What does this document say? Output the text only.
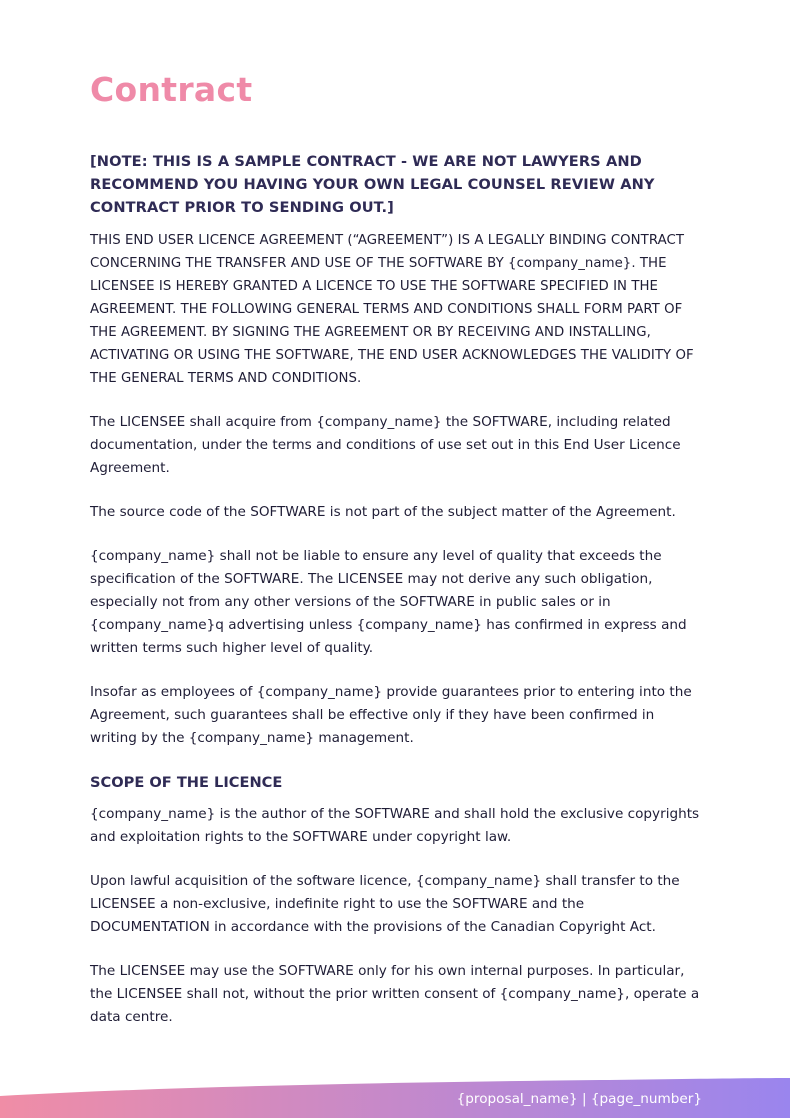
Contract

[NOTE: THIS IS A SAMPLE CONTRACT - WE ARE NOT LAWYERS AND RECOMMEND YOU HAVING YOUR OWN LEGAL COUNSEL REVIEW ANY CONTRACT PRIOR TO SENDING OUT.]

THIS END USER LICENCE AGREEMENT (“AGREEMENT”) IS A LEGALLY BINDING CONTRACT CONCERNING THE TRANSFER AND USE OF THE SOFTWARE BY {company_name}. THE LICENSEE IS HEREBY GRANTED A LICENCE TO USE THE SOFTWARE SPECIFIED IN THE AGREEMENT. THE FOLLOWING GENERAL TERMS AND CONDITIONS SHALL FORM PART OF THE AGREEMENT. BY SIGNING THE AGREEMENT OR BY RECEIVING AND INSTALLING, ACTIVATING OR USING THE SOFTWARE, THE END USER ACKNOWLEDGES THE VALIDITY OF THE GENERAL TERMS AND CONDITIONS.

The LICENSEE shall acquire from {company_name} the SOFTWARE, including related documentation, under the terms and conditions of use set out in this End User Licence Agreement.

The source code of the SOFTWARE is not part of the subject matter of the Agreement.

{company_name} shall not be liable to ensure any level of quality that exceeds the specification of the SOFTWARE. The LICENSEE may not derive any such obligation, especially not from any other versions of the SOFTWARE in public sales or in {company_name}q advertising unless {company_name} has confirmed in express and written terms such higher level of quality.

Insofar as employees of {company_name} provide guarantees prior to entering into the Agreement, such guarantees shall be effective only if they have been confirmed in writing by the {company_name} management.

SCOPE OF THE LICENCE

{company_name} is the author of the SOFTWARE and shall hold the exclusive copyrights and exploitation rights to the SOFTWARE under copyright law.

Upon lawful acquisition of the software licence, {company_name} shall transfer to the LICENSEE a non-exclusive, indefinite right to use the SOFTWARE and the DOCUMENTATION in accordance with the provisions of the Canadian Copyright Act.

The LICENSEE may use the SOFTWARE only for his own internal purposes. In particular, the LICENSEE shall not, without the prior written consent of {company_name}, operate a data centre.

{proposal_name} | {page_number}
